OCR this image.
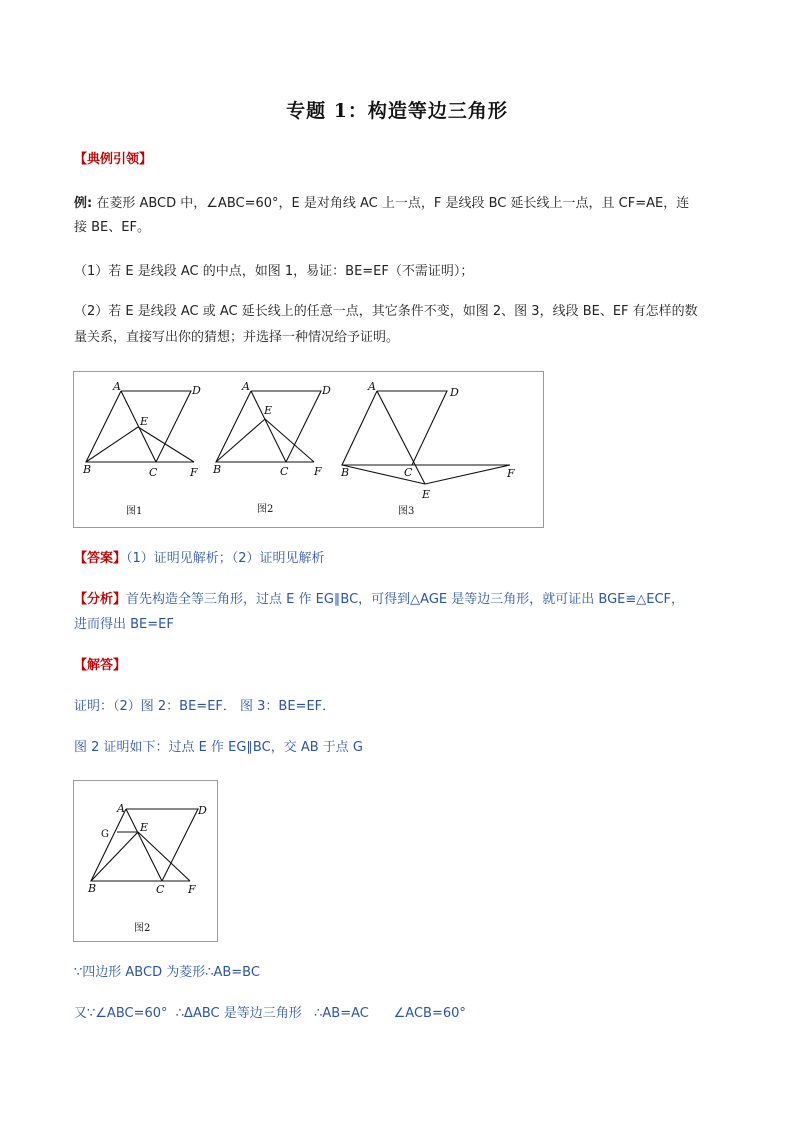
专题 1：构造等边三角形
【典例引领】
例: 在菱形 ABCD 中，∠ABC=60°，E 是对角线 AC 上一点，F 是线段 BC 延长线上一点，且 CF=AE，连
接 BE、EF。
（1）若 E 是线段 AC 的中点，如图 1，易证：BE=EF（不需证明）；
（2）若 E 是线段 AC 或 AC 延长线上的任意一点，其它条件不变，如图 2、图 3，线段 BE、EF 有怎样的数
量关系，直接写出你的猜想；并选择一种情况给予证明。
A	D
E
B	C	F
图1
A	D
E
B	C F
图2
A	D
B	C
E
F
图3
【答案】（1）证明见解析；（2）证明见解析
【分析】首先构造全等三角形，过点 E 作 EG∥BC，可得到△AGE 是等边三角形，就可证出 BGE≌△ECF，
进而得出 BE=EF
【解答】
证明：（2）图 2：BE=EF． 图 3：BE=EF．
图 2 证明如下：过点 E 作 EG∥BC，交 AB 于点 G
A	D
G
E
B	C F
图2
∵四边形 ABCD 为菱形∴AB=BC
又∵∠ABC=60°  ∴ΔABC 是等边三角形   ∴AB=AC      ∠ACB=60°
